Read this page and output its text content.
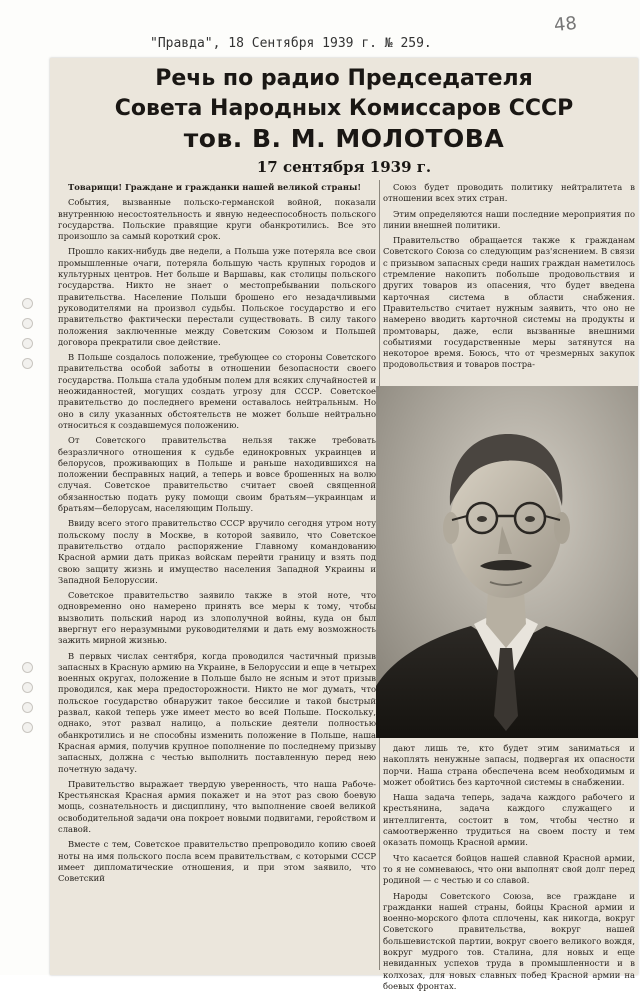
48
"Правда", 18 Сентября 1939 г. № 259.
Речь по радио Председателя
Совета Народных Комиссаров СССР
тов. В. М. МОЛОТОВА
17 сентября 1939 г.

Товарищи! Граждане и гражданки нашей великой страны!

События, вызванные польско-германской войной, показали внутреннюю несостоятельность и явную недееспособность польского государства. Польские правящие круги обанкротились. Все это произошло за самый короткий срок.

Прошло каких-нибудь две недели, а Польша уже потеряла все свои промышленные очаги, потеряла большую часть крупных городов и культурных центров. Нет больше и Варшавы, как столицы польского государства. Никто не знает о местопребывании польского правительства. Население Польши брошено его незадачливыми руководителями на произвол судьбы. Польское государство и его правительство фактически перестали существовать. В силу такого положения заключенные между Советским Союзом и Польшей договора прекратили свое действие.

В Польше создалось положение, требующее со стороны Советского правительства особой заботы в отношении безопасности своего государства. Польша стала удобным полем для всяких случайностей и неожиданностей, могущих создать угрозу для СССР. Советское правительство до последнего времени оставалось нейтральным. Но оно в силу указанных обстоятельств не может больше нейтрально относиться к создавшемуся положению.

От Советского правительства нельзя также требовать безразличного отношения к судьбе единокровных украинцев и белорусов, проживающих в Польше и раньше находившихся на положении бесправных наций, а теперь и вовсе брошенных на волю случая. Советское правительство считает своей священной обязанностью подать руку помощи своим братьям—украинцам и братьям—белорусам, населяющим Польшу.

Ввиду всего этого правительство СССР вручило сегодня утром ноту польскому послу в Москве, в которой заявило, что Советское правительство отдало распоряжение Главному командованию Красной армии дать приказ войскам перейти границу и взять под свою защиту жизнь и имущество населения Западной Украины и Западной Белоруссии.

Советское правительство заявило также в этой ноте, что одновременно оно намерено принять все меры к тому, чтобы вызволить польский народ из злополучной войны, куда он был ввергнут его неразумными руководителями и дать ему возможность зажить мирной жизнью.

В первых числах сентября, когда проводился частичный призыв запасных в Красную армию на Украине, в Белоруссии и еще в четырех военных округах, положение в Польше было не ясным и этот призыв проводился, как мера предосторожности. Никто не мог думать, что польское государство обнаружит такое бессилие и такой быстрый развал, какой теперь уже имеет место во всей Польше. Поскольку, однако, этот развал налицо, а польские деятели полностью обанкротились и не способны изменить положение в Польше, наша Красная армия, получив крупное пополнение по последнему призыву запасных, должна с честью выполнить поставленную перед нею почетную задачу.

Правительство выражает твердую уверенность, что наша Рабоче-Крестьянская Красная армия покажет и на этот раз свою боевую мощь, сознательность и дисциплину, что выполнение своей великой освободительной задачи она покроет новыми подвигами, геройством и славой.

Вместе с тем, Советское правительство препроводило копию своей ноты на имя польского посла всем правительствам, с которыми СССР имеет дипломатические отношения, и при этом заявило, что Советский

Союз будет проводить политику нейтралитета в отношении всех этих стран.

Этим определяются наши последние мероприятия по линии внешней политики.

Правительство обращается также к гражданам Советского Союза со следующим раз'яснением. В связи с призывом запасных среди наших граждан наметилось стремление накопить побольше продовольствия и других товаров из опасения, что будет введена карточная система в области снабжения. Правительство считает нужным заявить, что оно не намерено вводить карточной системы на продукты и промтовары, даже, если вызванные внешними событиями государственные меры затянутся на некоторое время. Боюсь, что от чрезмерных закупок продовольствия и товаров постра-

дают лишь те, кто будет этим заниматься и накоплять ненужные запасы, подвергая их опасности порчи. Наша страна обеспечена всем необходимым и может обойтись без карточной системы в снабжении.

Наша задача теперь, задача каждого рабочего и крестьянина, задача каждого служащего и интеллигента, состоит в том, чтобы честно и самоотверженно трудиться на своем посту и тем оказать помощь Красной армии.

Что касается бойцов нашей славной Красной армии, то я не сомневаюсь, что они выполнят свой долг перед родиной — с честью и со славой.

Народы Советского Союза, все граждане и гражданки нашей страны, бойцы Красной армии и военно-морского флота сплочены, как никогда, вокруг Советского правительства, вокруг нашей большевистской партии, вокруг своего великого вождя, вокруг мудрого тов. Сталина, для новых и еще невиданных успехов труда в промышленности и в колхозах, для новых славных побед Красной армии на боевых фронтах.
